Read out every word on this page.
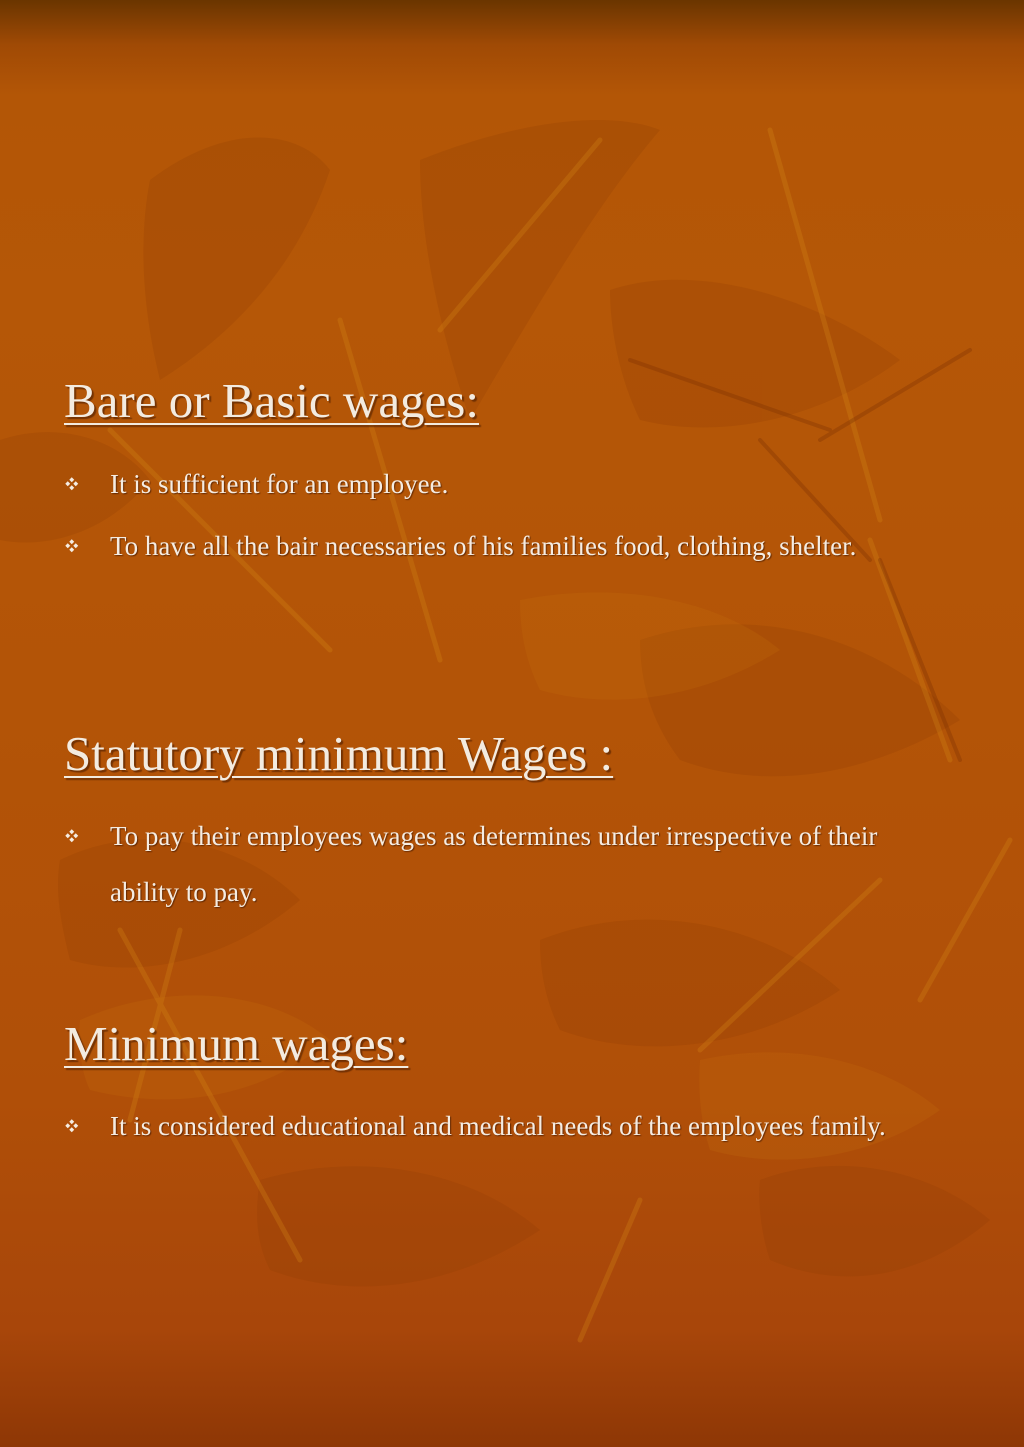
Bare or Basic wages:
It is sufficient for an employee.
To have all the bair necessaries of his families food, clothing, shelter.
Statutory minimum Wages :
To pay their employees wages as determines under irrespective of their ability to pay.
Minimum wages:
It is considered educational and medical needs of the employees family.
